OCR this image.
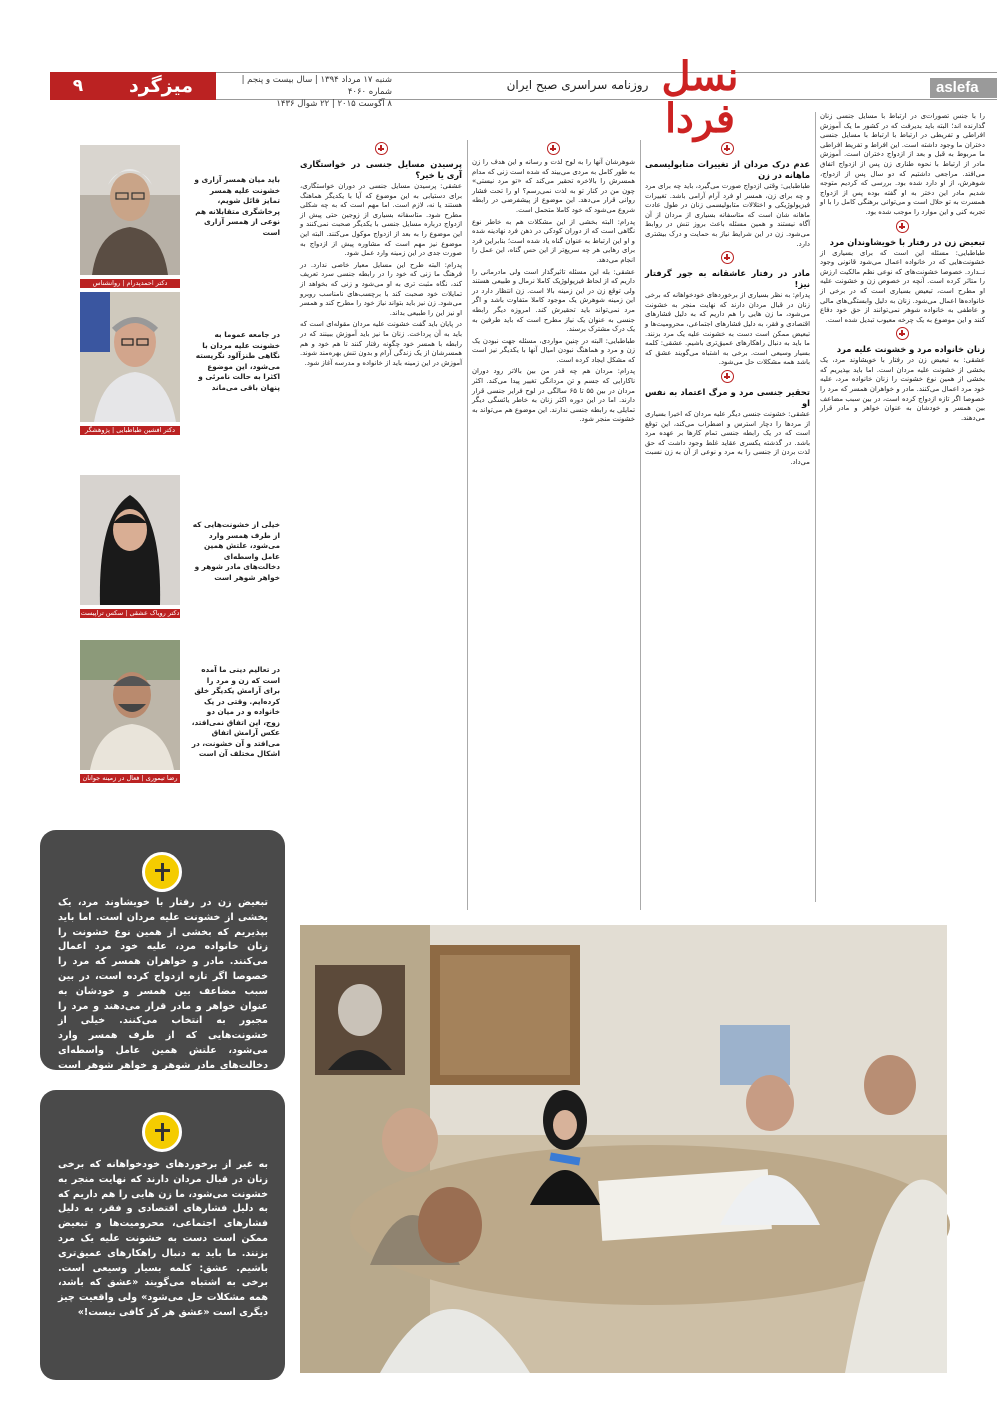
aslefa
نسل فردا
روزنامه سراسری صبح ایران
شنبه ۱۷ مرداد ۱۳۹۴ | سال بیست و پنجم | شماره ۴۰۶۰
۸ آگوست ۲۰۱۵ | ۲۲ شوال ۱۴۳۶
میزگرد
۹

را با جنس تصورات‌ی در ارتباط با مسایل جنسی زنان گذارنده اند؛ البته باید بدیرفت که در کشور ما یک آموزش افراطی و تفریطی در ارتباط با ارتباط با مسایل جنسی دختران ما وجود داشته است. این افراط و تفریط افراطی ما مربوط به قبل و بعد از ازدواج دختران است. آموزش مادر از ارتباط با نحوه طناری زن پس از ازدواج اتفاق می‌افتد. مراجعی داشتیم که دو سال پس از ازدواج، شوهرش، از او دارد شده بود. بررسی که کردیم متوجه شدیم مادر این دختر به او گفته بوده پس از ازدواج همسرت به تو حلال است و می‌توانی برهنگی کامل را با او تجربه کنی و این موارد را موجب شده بود.

تبعیض زن در رفتار با خویشاوندان مرد

طباطبایی: مسئله این است که برای بسیاری از خشونت‌هایی که در خانواده اعمال می‌شود قانونی وجود نــدارد. خصوصا خشونت‌های که نوعی نظم مالکیت ارزش را متاثر کرده است. آنچه در خصوص زن و خشونت علیه او مطرح است، تبعیض بسیاری است که در برخی از خانواده‌ها اعمال می‌شود. زنان به دلیل وابستگی‌های مالی و عاطفی به خانواده شوهر نمی‌توانند از حق خود دفاع کنند و این موضوع به یک چرخه معیوب تبدیل شده است.

زنان خانواده مرد و خشونت علیه مرد

عشقی: به تبعیض زن در رفتار با خویشاوند مرد، یک بخشی از خشونت علیه مردان است. اما باید بپذیریم که بخشی از همین نوع خشونت را زنان خانواده مرد، علیه خود مرد اعمال می‌کنند. مادر و خواهران همسر که مرد را خصوصا اگر تازه ازدواج کرده است، در بین سبب مضاعف بین همسر و خودشان به عنوان خواهر و مادر قرار می‌دهند.

عدم درک مردان از تغییرات متابولیسمی ماهانه در زن

طباطبایی: وقتی ازدواج صورت می‌گیرد، باید چه برای مرد و چه برای زن، همسر او فرد آرام آرامی باشد. تغییرات فیزیولوژیکی و اختلالات متابولیسمی زنان در طول عادت ماهانه شان است که متاسفانه بسیاری از مردان از آن آگاه نیستند و همین مسئله باعث بروز تنش در روابط می‌شود. زن در این شرایط نیاز به حمایت و درک بیشتری دارد.

مادر در رفتار عاشقانه به جور گرفتار نیز!

پدرام: به نظر بسیاری از برخوردهای خودخواهانه که برخی زنان در قبال مردان دارند که نهایت منجر به خشونت می‌شود، ما زن هایی را هم داریم که به دلیل فشارهای اقتصادی و فقر، به دلیل فشارهای اجتماعی، محرومیت‌ها و تبعیض ممکن است دست به خشونت علیه یک مرد بزنند. ما باید به دنبال راهکارهای عمیق‌تری باشیم. عشقی: کلمه بسیار وسیعی است. برخی به اشتباه می‌گویند عشق که باشد همه مشکلات حل می‌شود.

تحقیر جنسی مرد و مرگ اعتماد به نفس او

عشقی: خشونت جنسی دیگر علیه مردان که اخیرا بسیاری از مردها را دچار استرس و اضطراب می‌کند، این توقع است که در یک رابطه جنسی تمام کارها بر عهده مرد باشد. در گذشته یکسری عقاید غلط وجود داشت که حق لذت بردن از جنسی را به مرد و نوعی از آن به زن نسبت می‌داد.

شوهرشان آنها را به لوح لذت و رسانه و این هدف را زن به طور کامل به مردی می‌بیند که شده است زنی که مدام همسرش را بالاخره تحقیر می‌کند که «تو مرد نیستی» چون من در کنار تو به لذت نمی‌رسم؟ او را تحت فشار روانی قرار می‌دهد. این موضوع از پیشفرضی در رابطه شروع می‌شود که خود کاملا متحمل است.

پدرام: البته بخشی از این مشکلات هم به خاطر نوع نگاهی است که از دوران کودکی در ذهن فرد نهادینه شده و او این ارتباط به عنوان گناه یاد شده است؛ بنابراین فرد برای رهایی هر چه سریع‌تر از این حس گناه، این عمل را انجام می‌دهد.

عشقی: بله این مسئله تاثیرگذار است ولی مادرمانی را داریم که از لحاظ فیزیولوژیک کاملا نرمال و طبیعی هستند ولی توقع زن در این زمینه بالا است. زن انتظار دارد در این زمینه شوهرش یک موجود کاملا متفاوت باشد و اگر مرد نمی‌تواند باید تحقیرش کند. امروزه دیگر رابطه جنسی به عنوان یک نیاز مطرح است که باید طرفین به یک درک مشترک برسند.

طباطبایی: البته در چنین مواردی، مسئله جهت نبودن یک زن و مرد و هماهنگ نبودن امیال آنها با یکدیگر نیز است که مشکل ایجاد کرده است.

پدرام: مردان هم چه قدر من بین بالاتر رود دوران ناکارایی که جسم و تن مردانگی تغییر پیدا می‌کند. اکثر مردان در بین ۵۵ تا ۶۵ سالگی در لوح فرایر جنسی قرار دارند. اما در این دوره اکثر زنان به خاطر یائسگی دیگر تمایلی به رابطه جنسی ندارند. این موضوع هم می‌تواند به خشونت منجر شود.

پرسیدن مسایل جنسی در خواستگاری آری یا خیر؟

عشقی: پرسیدن مسایل جنسی در دوران خواستگاری، برای دستیابی به این موضوع که آیا با یکدیگر هماهنگ هستند یا نه، لازم است. اما مهم است که به چه شکلی مطرح شود. متاسفانه بسیاری از زوجین حتی پیش از ازدواج درباره مسایل جنسی با یکدیگر صحبت نمی‌کنند و این موضوع را به بعد از ازدواج موکول می‌کنند. البته این موضوع نیز مهم است که مشاوره پیش از ازدواج به صورت جدی در این زمینه وارد عمل شود.

پدرام: البته طرح این مسایل معیار خاصی ندارد. در فرهنگ ما زنی که خود را در رابطه جنسی سرد تعریف کند، نگاه مثبت تری به او می‌شود و زنی که بخواهد از تمایلات خود صحبت کند با برچسب‌های نامناسب روبرو می‌شود. زن نیز باید بتواند نیاز خود را مطرح کند و همسر او نیز این را طبیعی بداند.

در پایان باید گفت خشونت علیه مردان مقوله‌ای است که باید به آن پرداخت. زنان ما نیز باید آموزش ببینند که در رابطه با همسر خود چگونه رفتار کنند تا هم خود و هم همسرشان از یک زندگی آرام و بدون تنش بهره‌مند شوند. آموزش در این زمینه باید از خانواده و مدرسه آغاز شود.

دکتر احمدپدرام | روانشناس
باید میان همسر آزاری و خشونت علیه همسر تمایز قائل شویم، پرخاشگری متقابلانه هم نوعی از همسر آزاری است
دکتر افشین طباطبایی | پژوهشگر مسایل اجتماعی
در جامعه عموما به خشونت علیه مردان با نگاهی طنزآلود نگریسته می‌شود، این موضوع اکثرا به حالت نامرئی و پنهان باقی می‌ماند
دکتر رویاک عشقی | سکس تراپیست
خیلی از خشونت‌هایی که از طرف همسر وارد می‌شود، علتش همین عامل واسطه‌ای دخالت‌های مادر شوهر و خواهر شوهر است
رضا تیموری | فعال در زمینه جوانان
در تعالیم دینی ما آمده است که زن و مرد را برای آرامش یکدیگر خلق کرده‌ایم. وقتی در یک خانواده و در میان دو زوج، این اتفاق نمی‌افتد، عکس آرامش اتفاق می‌افتد و آن خشونت، در اشکال مختلف آن است
تبعیض زن در رفتار با خویشاوند مرد، یک بخشی از خشونت علیه مردان است. اما باید بپذیریم که بخشی از همین نوع خشونت را زنان خانواده مرد، علیه خود مرد اعمال می‌کنند. مادر و خواهران همسر که مرد را خصوصا اگر تازه ازدواج کرده است، در بین سبب مضاعف بین همسر و خودشان به عنوان خواهر و مادر قرار می‌دهند و مرد را مجبور به انتخاب می‌کنند. خیلی از خشونت‌هایی که از طرف همسر وارد می‌شود، علتش همین عامل واسطه‌ای دخالت‌های مادر شوهر و خواهر شوهر است که ابتدا تو دلش هستند و بعد رو آن به چشم
به غیر از برخوردهای خودخواهانه که برخی زنان در قبال مردان دارند که نهایت منجر به خشونت می‌شود، ما زن هایی را هم داریم که به دلیل فشارهای اقتصادی و فقر، به دلیل فشارهای اجتماعی، محرومیت‌ها و تبعیض ممکن است دست به خشونت علیه یک مرد بزنند. ما باید به دنبال راهکارهای عمیق‌تری باشیم. عشق: کلمه بسیار وسیعی است. برخی به اشتباه می‌گویند «عشق که باشد، همه مشکلات حل می‌شود» ولی واقعیت چیز دیگری است «عشق هر کز کافی نیست!»
